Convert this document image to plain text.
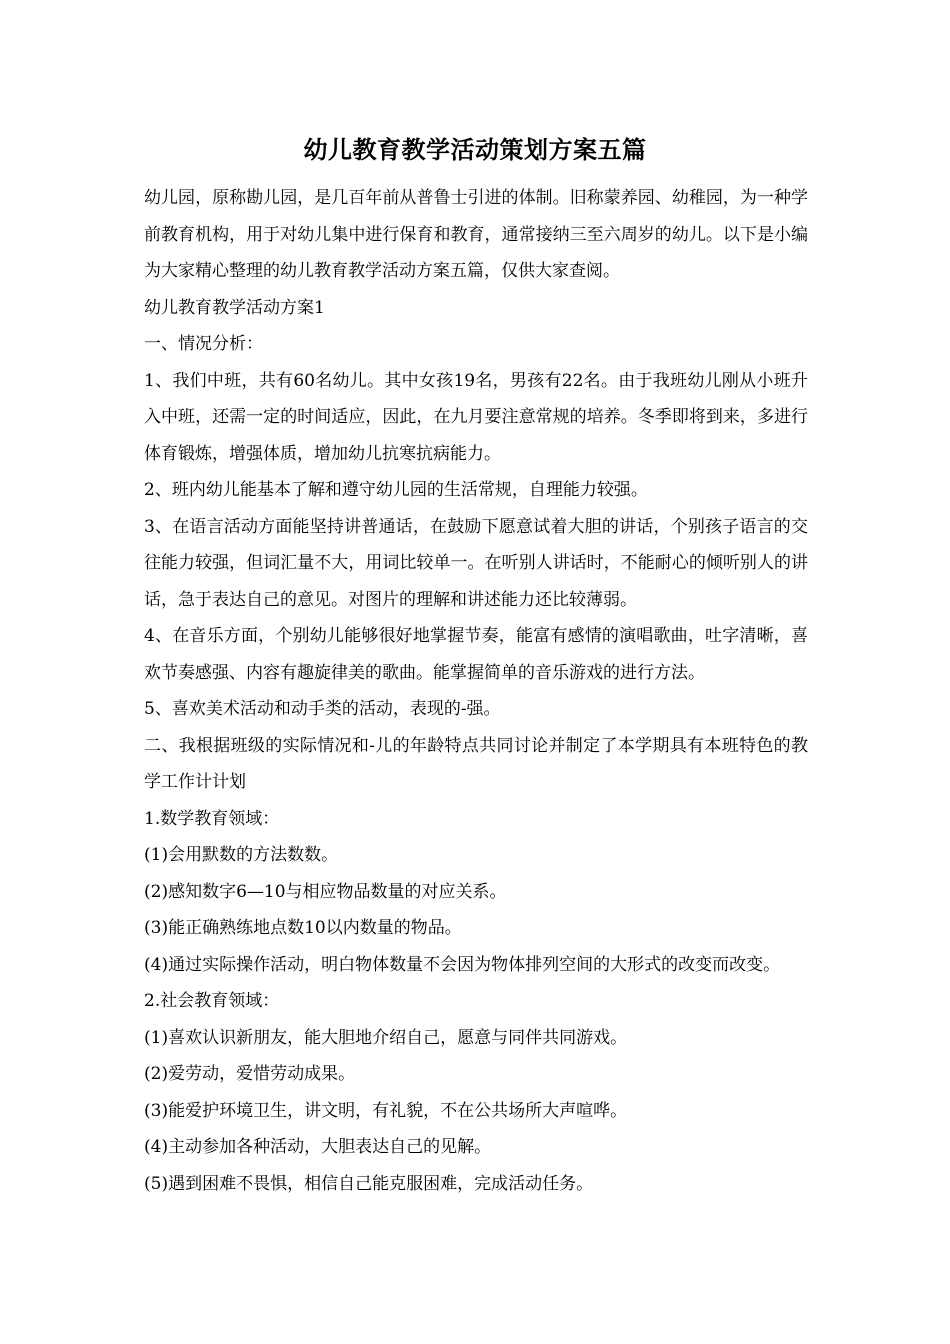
幼儿教育教学活动策划方案五篇

幼儿园，原称勘儿园，是几百年前从普鲁士引进的体制。旧称蒙养园、幼稚园，为一种学前教育机构，用于对幼儿集中进行保育和教育，通常接纳三至六周岁的幼儿。以下是小编为大家精心整理的幼儿教育教学活动方案五篇，仅供大家查阅。

幼儿教育教学活动方案1

一、情况分析：

1、我们中班，共有60名幼儿。其中女孩19名，男孩有22名。由于我班幼儿刚从小班升入中班，还需一定的时间适应，因此，在九月要注意常规的培养。冬季即将到来，多进行体育锻炼，增强体质，增加幼儿抗寒抗病能力。

2、班内幼儿能基本了解和遵守幼儿园的生活常规，自理能力较强。

3、在语言活动方面能坚持讲普通话，在鼓励下愿意试着大胆的讲话，个别孩子语言的交往能力较强，但词汇量不大，用词比较单一。在听别人讲话时，不能耐心的倾听别人的讲话，急于表达自己的意见。对图片的理解和讲述能力还比较薄弱。

4、在音乐方面，个别幼儿能够很好地掌握节奏，能富有感情的演唱歌曲，吐字清晰，喜欢节奏感强、内容有趣旋律美的歌曲。能掌握简单的音乐游戏的进行方法。

5、喜欢美术活动和动手类的活动，表现的-强。

二、我根据班级的实际情况和-儿的年龄特点共同讨论并制定了本学期具有本班特色的教学工作计计划

1.数学教育领域：

(1)会用默数的方法数数。

(2)感知数字6—10与相应物品数量的对应关系。

(3)能正确熟练地点数10以内数量的物品。

(4)通过实际操作活动，明白物体数量不会因为物体排列空间的大形式的改变而改变。

2.社会教育领域：

(1)喜欢认识新朋友，能大胆地介绍自己，愿意与同伴共同游戏。

(2)爱劳动，爱惜劳动成果。

(3)能爱护环境卫生，讲文明，有礼貌，不在公共场所大声喧哗。

(4)主动参加各种活动，大胆表达自己的见解。

(5)遇到困难不畏惧，相信自己能克服困难，完成活动任务。
